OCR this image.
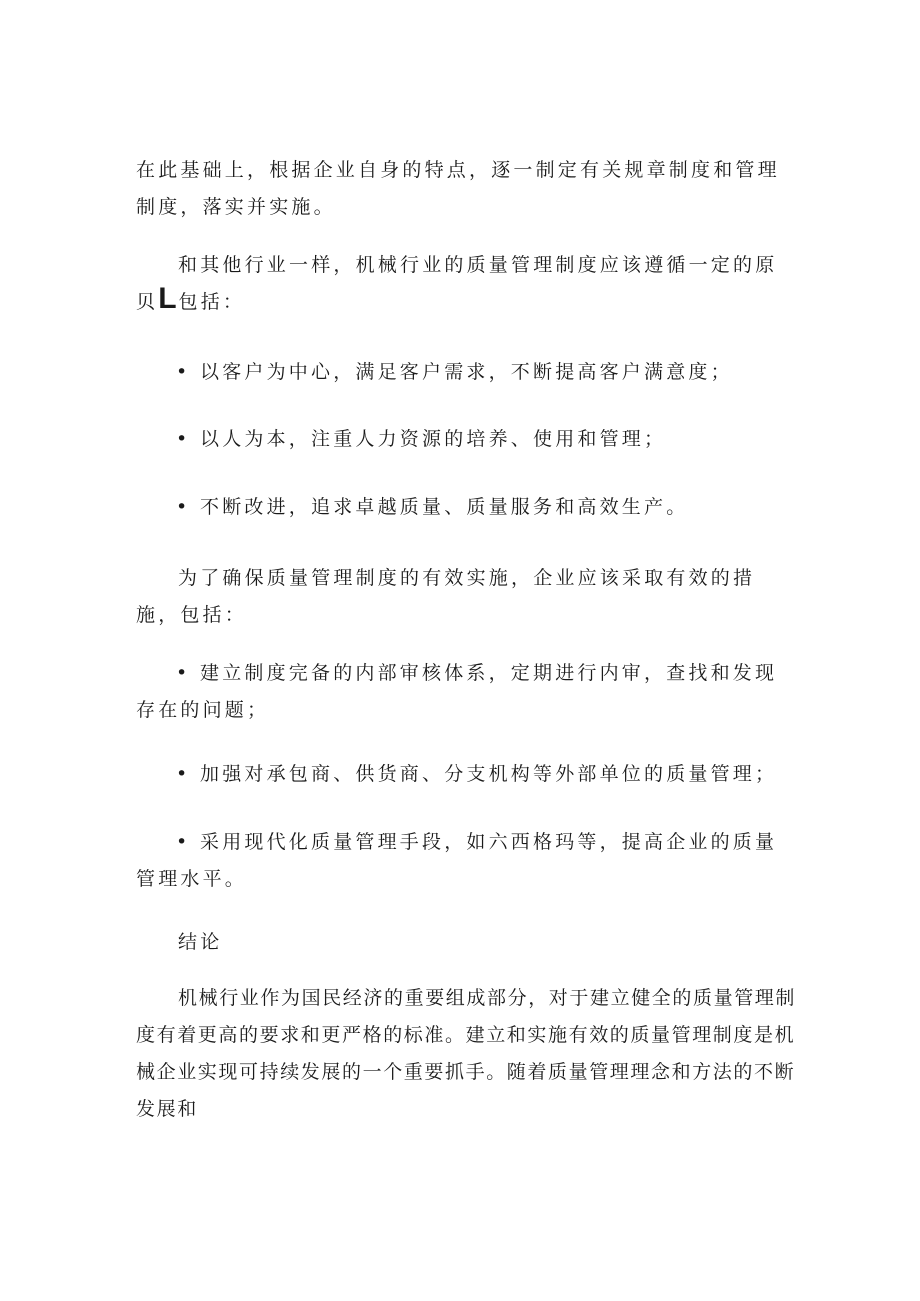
在此基础上，根据企业自身的特点，逐一制定有关规章制度和管理制度，落实并实施。

和其他行业一样，机械行业的质量管理制度应该遵循一定的原贝L包括：

• 以客户为中心，满足客户需求，不断提高客户满意度；

• 以人为本，注重人力资源的培养、使用和管理；

• 不断改进，追求卓越质量、质量服务和高效生产。

为了确保质量管理制度的有效实施，企业应该采取有效的措施，包括：

• 建立制度完备的内部审核体系，定期进行内审，查找和发现存在的问题；

• 加强对承包商、供货商、分支机构等外部单位的质量管理；

• 采用现代化质量管理手段，如六西格玛等，提高企业的质量管理水平。

结论

机械行业作为国民经济的重要组成部分，对于建立健全的质量管理制度有着更高的要求和更严格的标准。建立和实施有效的质量管理制度是机械企业实现可持续发展的一个重要抓手。随着质量管理理念和方法的不断发展和
